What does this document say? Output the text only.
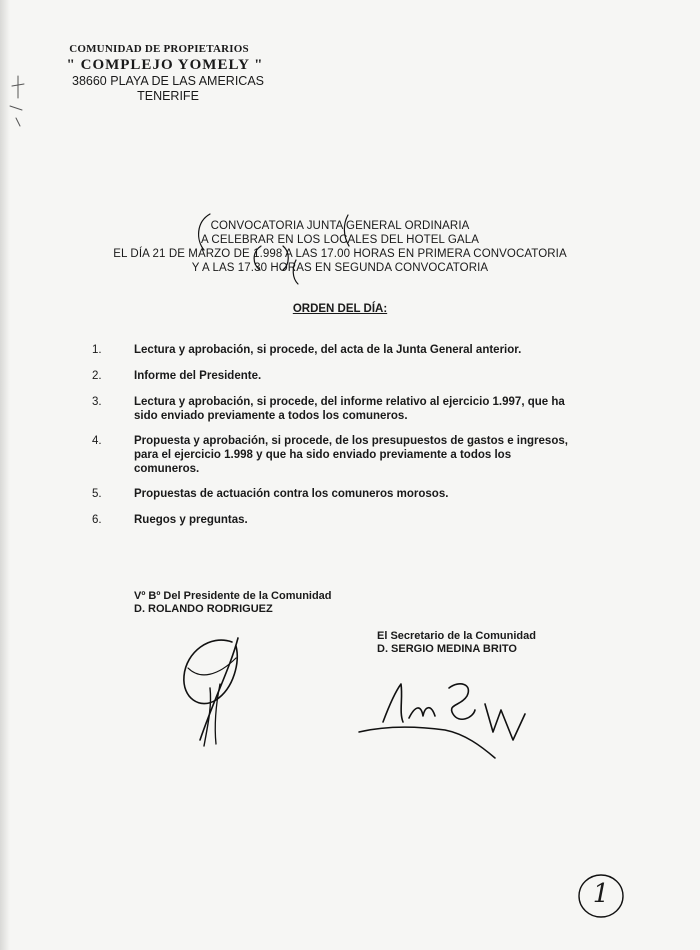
COMUNIDAD DE PROPIETARIOS
" COMPLEJO YOMELY "
38660 PLAYA DE LAS AMERICAS
TENERIFE
CONVOCATORIA JUNTA GENERAL ORDINARIA
A CELEBRAR EN LOS LOCALES DEL HOTEL GALA
EL DÍA 21 DE MARZO DE 1.998 A LAS 17.00 HORAS EN PRIMERA CONVOCATORIA
Y A LAS 17.30 HORAS EN SEGUNDA CONVOCATORIA
ORDEN DEL DÍA:
1.	Lectura y aprobación, si procede, del acta de la Junta General anterior.
2.	Informe del Presidente.
3.	Lectura y aprobación, si procede, del informe relativo al ejercicio 1.997, que ha sido enviado previamente a todos los comuneros.
4.	Propuesta y aprobación, si procede, de los presupuestos de gastos e ingresos, para el ejercicio 1.998 y que ha sido enviado previamente a todos los comuneros.
5.	Propuestas de actuación contra los comuneros morosos.
6.	Ruegos y preguntas.
Vº Bº Del Presidente de la Comunidad
D. ROLANDO RODRIGUEZ
El Secretario de la Comunidad
D. SERGIO MEDINA BRITO
1
